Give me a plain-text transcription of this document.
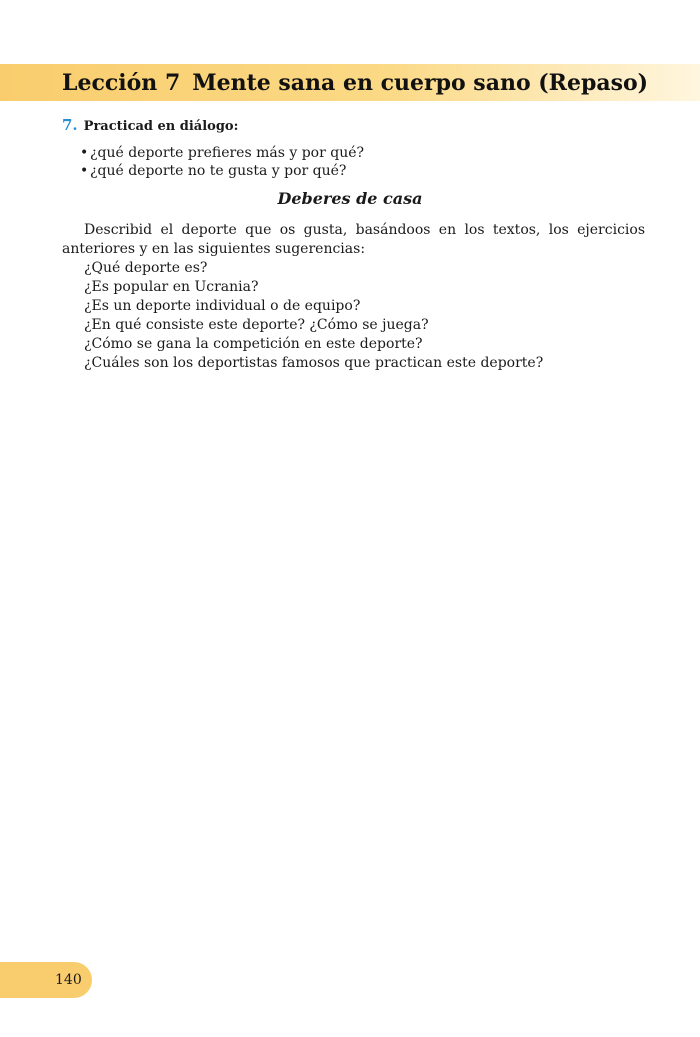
Lección 7 Mente sana en cuerpo sano (Repaso)
7. Practicad en diálogo:
• ¿qué deporte prefieres más y por qué?
• ¿qué deporte no te gusta y por qué?
Deberes de casa

Describid el deporte que os gusta, basándoos en los textos, los ejercicios anteriores y en las siguientes sugerencias:

¿Qué deporte es?

¿Es popular en Ucrania?

¿Es un deporte individual o de equipo?

¿En qué consiste este deporte? ¿Cómo se juega?

¿Cómo se gana la competición en este deporte?

¿Cuáles son los deportistas famosos que practican este deporte?

140
